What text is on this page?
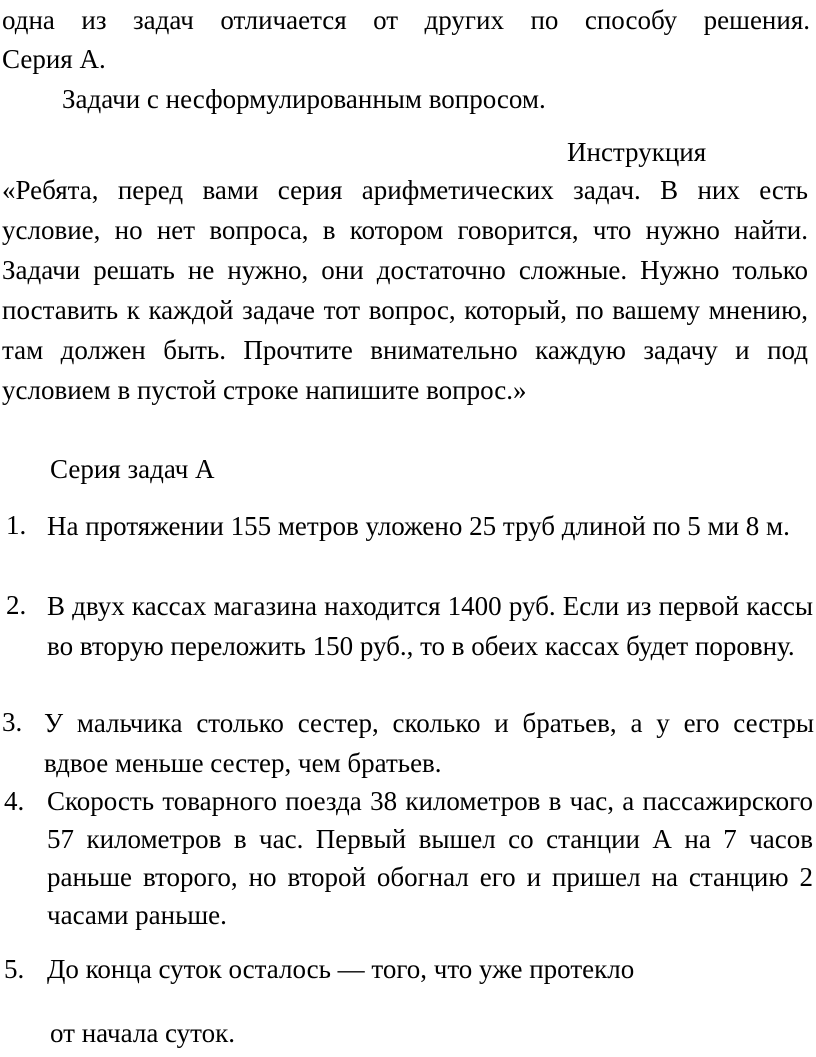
одна из задач отличается от других по способу решения.

Серия А.

Задачи с несформулированным вопросом.

Инструкция

«Ребята, перед вами серия арифметических задач. В них есть условие, но нет вопроса, в котором говорится, что нужно найти. Задачи решать не нужно, они достаточно сложные. Нужно только поставить к каждой задаче тот вопрос, который, по вашему мнению, там должен быть. Прочтите внимательно каждую задачу и под условием в пустой строке напишите вопрос.»

Серия задач А

1. На протяжении 155 метров уложено 25 труб длиной по 5 ми 8 м.

2. В двух кассах магазина находится 1400 руб. Если из первой кассы во вторую переложить 150 руб., то в обеих кассах будет поровну.

3. У мальчика столько сестер, сколько и братьев, а у его сестры вдвое меньше сестер, чем братьев.

4. Скорость товарного поезда 38 километров в час, а пассажирского 57 километров в час. Первый вышел со станции А на 7 часов раньше второго, но второй обогнал его и пришел на станцию 2 часами раньше.

5. До конца суток осталось — того, что уже протекло

от начала суток.
